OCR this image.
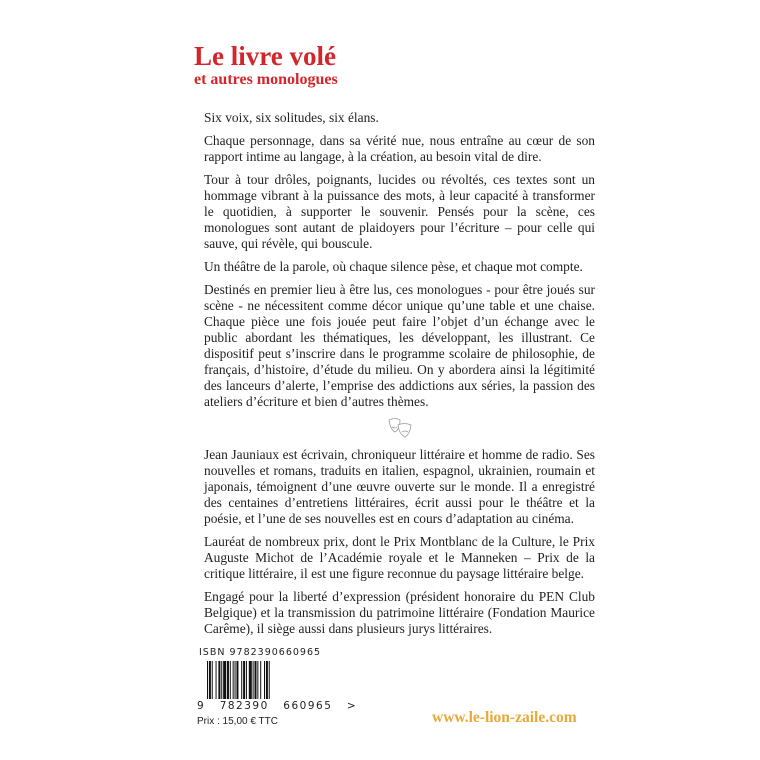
Le livre volé
et autres monologues

Six voix, six solitudes, six élans.

Chaque personnage, dans sa vérité nue, nous entraîne au cœur de son rapport intime au langage, à la création, au besoin vital de dire.

Tour à tour drôles, poignants, lucides ou révoltés, ces textes sont un hommage vibrant à la puissance des mots, à leur capacité à transformer le quotidien, à supporter le souvenir. Pensés pour la scène, ces monologues sont autant de plaidoyers pour l’écriture – pour celle qui sauve, qui révèle, qui bouscule.

Un théâtre de la parole, où chaque silence pèse, et chaque mot compte.

Destinés en premier lieu à être lus, ces monologues - pour être joués sur scène - ne nécessitent comme décor unique qu’une table et une chaise. Chaque pièce une fois jouée peut faire l’objet d’un échange avec le public abordant les thématiques, les développant, les illustrant. Ce dispositif peut s’inscrire dans le programme scolaire de philosophie, de français, d’histoire, d’étude du milieu. On y abordera ainsi la légitimité des lanceurs d’alerte, l’emprise des addictions aux séries, la passion des ateliers d’écriture et bien d’autres thèmes.

Jean Jauniaux est écrivain, chroniqueur littéraire et homme de radio. Ses nouvelles et romans, traduits en italien, espagnol, ukrainien, roumain et japonais, témoignent d’une œuvre ouverte sur le monde. Il a enregistré des centaines d’entretiens littéraires, écrit aussi pour le théâtre et la poésie, et l’une de ses nouvelles est en cours d’adaptation au cinéma.

Lauréat de nombreux prix, dont le Prix Montblanc de la Culture, le Prix Auguste Michot de l’Académie royale et le Manneken – Prix de la critique littéraire, il est une figure reconnue du paysage littéraire belge.

Engagé pour la liberté d’expression (président honoraire du PEN Club Belgique) et la transmission du patrimoine littéraire (Fondation Maurice Carême), il siège aussi dans plusieurs jurys littéraires.

ISBN 9782390660965
9   782390   660965   >
Prix : 15,00 € TTC	www.le-lion-zaile.com
